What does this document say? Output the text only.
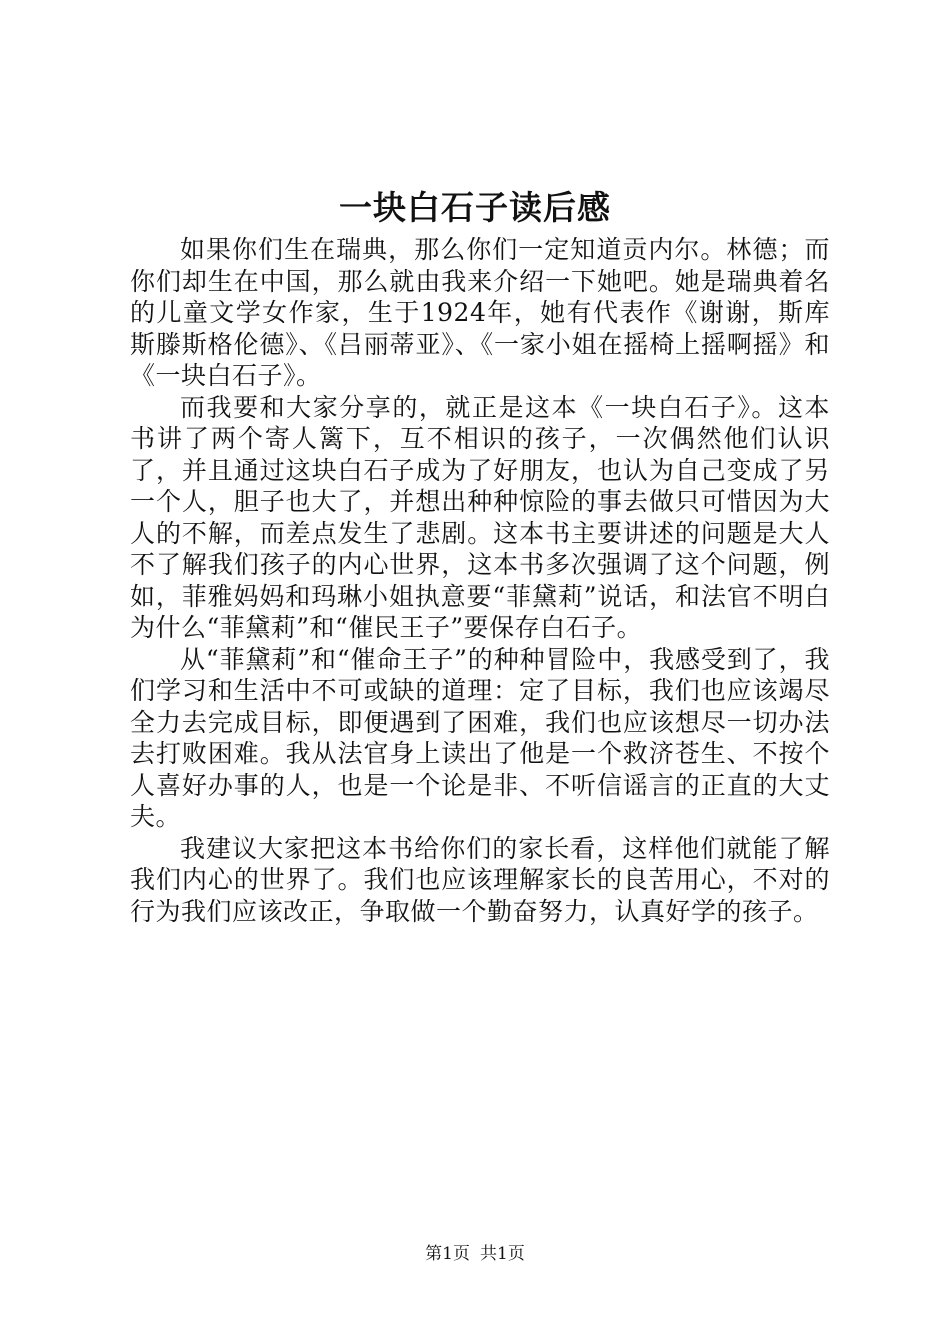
一块白石子读后感

如果你们生在瑞典，那么你们一定知道贡内尔。林德；而你们却生在中国，那么就由我来介绍一下她吧。她是瑞典着名的儿童文学女作家，生于1924年，她有代表作《谢谢，斯库斯滕斯格伦德》、《吕丽蒂亚》、《一家小姐在摇椅上摇啊摇》和《一块白石子》。

而我要和大家分享的，就正是这本《一块白石子》。这本书讲了两个寄人篱下，互不相识的孩子，一次偶然他们认识了，并且通过这块白石子成为了好朋友，也认为自己变成了另一个人，胆子也大了，并想出种种惊险的事去做只可惜因为大人的不解，而差点发生了悲剧。这本书主要讲述的问题是大人不了解我们孩子的内心世界，这本书多次强调了这个问题，例如，菲雅妈妈和玛琳小姐执意要“菲黛莉”说话，和法官不明白为什么“菲黛莉”和“催民王子”要保存白石子。

从“菲黛莉”和“催命王子”的种种冒险中，我感受到了，我们学习和生活中不可或缺的道理：定了目标，我们也应该竭尽全力去完成目标，即便遇到了困难，我们也应该想尽一切办法去打败困难。我从法官身上读出了他是一个救济苍生、不按个人喜好办事的人，也是一个论是非、不听信谣言的正直的大丈夫。

我建议大家把这本书给你们的家长看，这样他们就能了解我们内心的世界了。我们也应该理解家长的良苦用心，不对的行为我们应该改正，争取做一个勤奋努力，认真好学的孩子。

第1页 共1页
